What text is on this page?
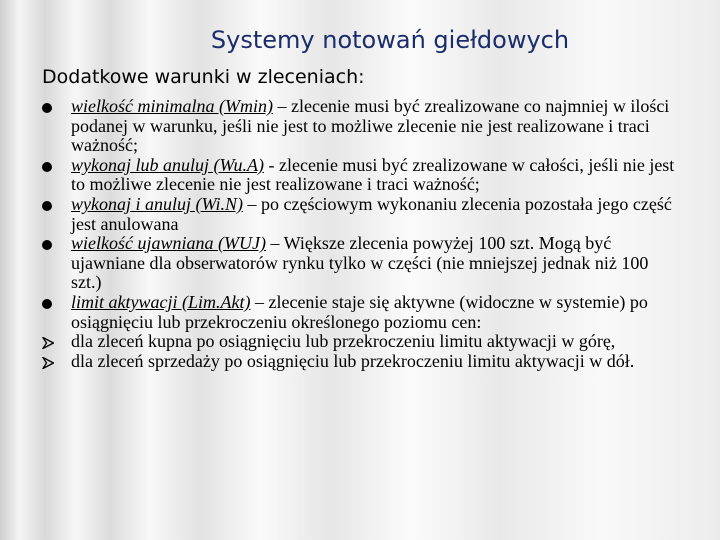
Systemy notowań giełdowych
Dodatkowe warunki w zleceniach:
wielkość minimalna (Wmin) – zlecenie musi być zrealizowane co najmniej w ilości podanej w warunku, jeśli nie jest to możliwe zlecenie nie jest realizowane i traci ważność;
wykonaj lub anuluj (Wu.A) - zlecenie musi być zrealizowane w całości, jeśli nie jest to możliwe zlecenie nie jest realizowane i traci ważność;
wykonaj i anuluj (Wi.N) – po częściowym wykonaniu zlecenia pozostała jego część jest anulowana
wielkość ujawniana (WUJ) – Większe zlecenia powyżej 100 szt. Mogą być ujawniane dla obserwatorów rynku tylko w części (nie mniejszej jednak niż 100 szt.)
limit aktywacji (Lim.Akt) – zlecenie staje się aktywne (widoczne w systemie) po osiągnięciu lub przekroczeniu określonego poziomu cen:
dla zleceń kupna po osiągnięciu lub przekroczeniu limitu aktywacji w górę,
dla zleceń sprzedaży po osiągnięciu lub przekroczeniu limitu aktywacji w dół.
